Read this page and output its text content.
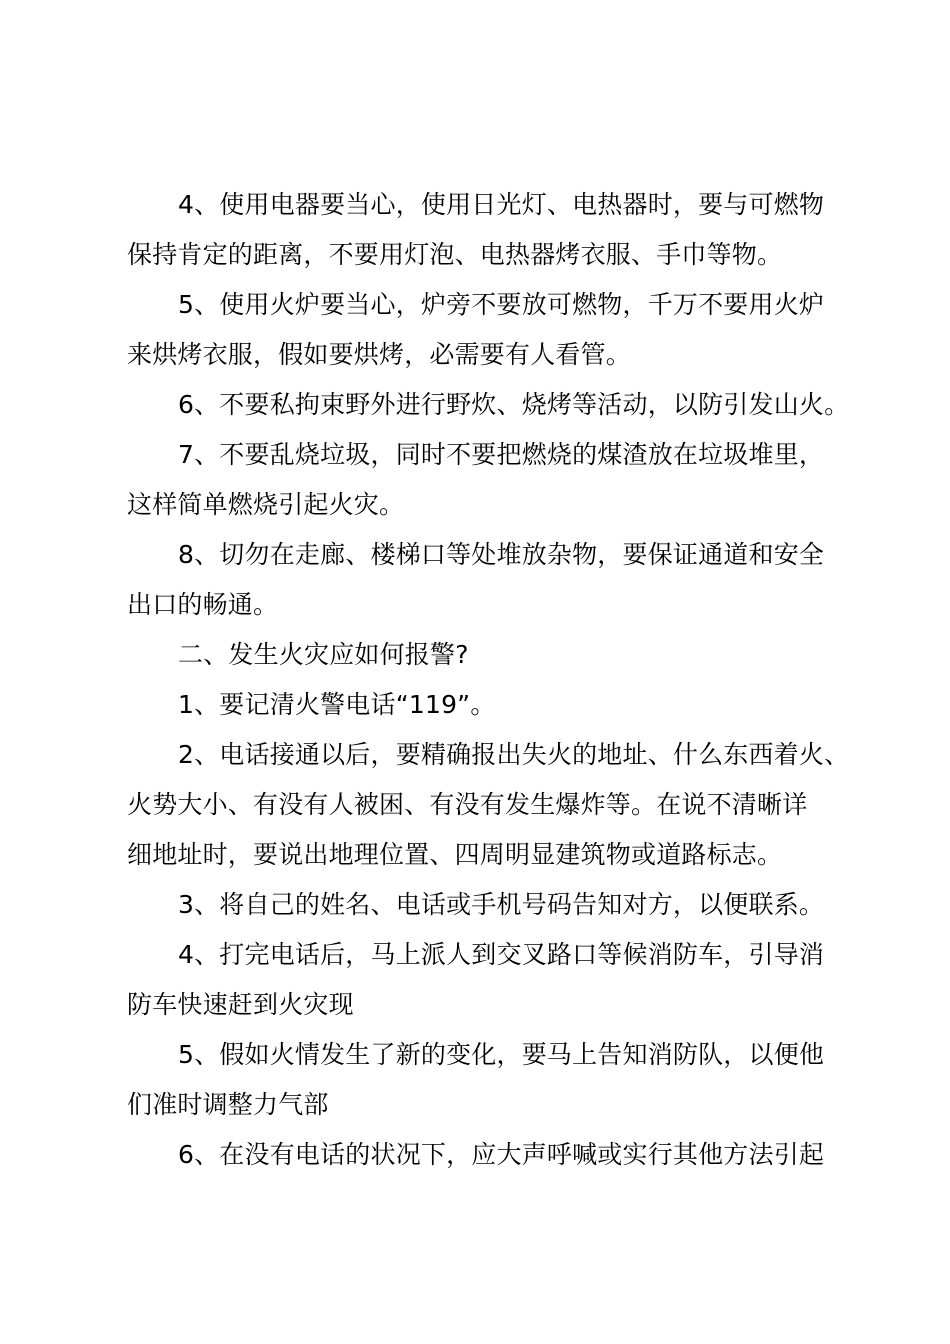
4、使用电器要当心，使用日光灯、电热器时，要与可燃物
保持肯定的距离，不要用灯泡、电热器烤衣服、手巾等物。

5、使用火炉要当心，炉旁不要放可燃物，千万不要用火炉
来烘烤衣服，假如要烘烤，必需要有人看管。

6、不要私拘束野外进行野炊、烧烤等活动，以防引发山火。

7、不要乱烧垃圾，同时不要把燃烧的煤渣放在垃圾堆里，
这样简单燃烧引起火灾。

8、切勿在走廊、楼梯口等处堆放杂物，要保证通道和安全
出口的畅通。

二、发生火灾应如何报警?

1、要记清火警电话“119”。

2、电话接通以后，要精确报出失火的地址、什么东西着火、
火势大小、有没有人被困、有没有发生爆炸等。在说不清晰详
细地址时，要说出地理位置、四周明显建筑物或道路标志。

3、将自己的姓名、电话或手机号码告知对方，以便联系。

4、打完电话后，马上派人到交叉路口等候消防车，引导消
防车快速赶到火灾现

5、假如火情发生了新的变化，要马上告知消防队，以便他
们准时调整力气部

6、在没有电话的状况下，应大声呼喊或实行其他方法引起
